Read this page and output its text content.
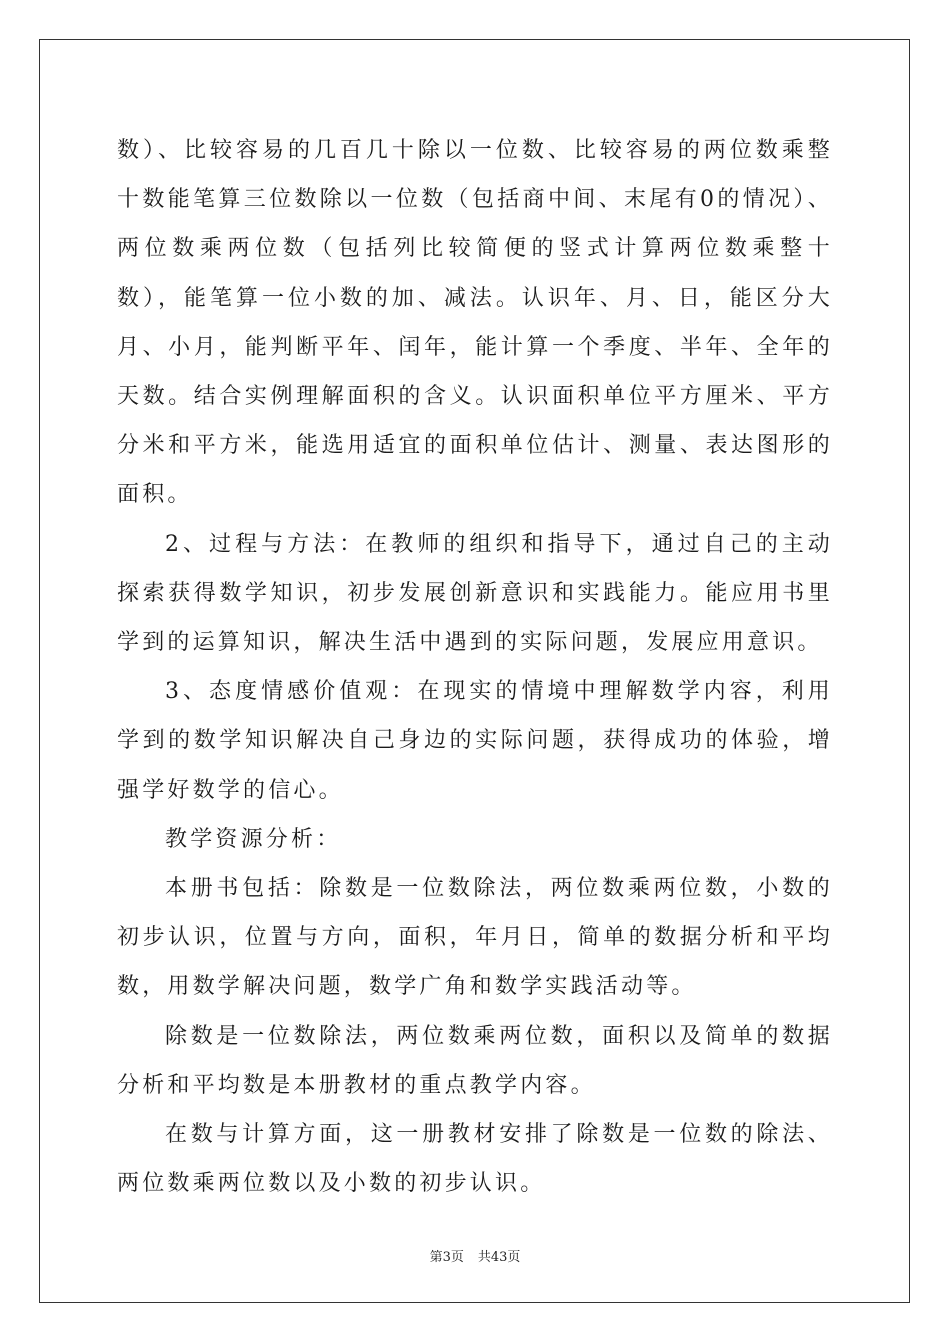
数）、比较容易的几百几十除以一位数、比较容易的两位数乘整十数能笔算三位数除以一位数（包括商中间、末尾有0的情况）、两位数乘两位数（包括列比较简便的竖式计算两位数乘整十数），能笔算一位小数的加、减法。认识年、月、日，能区分大月、小月，能判断平年、闰年，能计算一个季度、半年、全年的天数。结合实例理解面积的含义。认识面积单位平方厘米、平方分米和平方米，能选用适宜的面积单位估计、测量、表达图形的面积。

2、过程与方法：在教师的组织和指导下，通过自己的主动探索获得数学知识，初步发展创新意识和实践能力。能应用书里学到的运算知识，解决生活中遇到的实际问题，发展应用意识。

3、态度情感价值观：在现实的情境中理解数学内容，利用学到的数学知识解决自己身边的实际问题，获得成功的体验，增强学好数学的信心。

教学资源分析：

本册书包括：除数是一位数除法，两位数乘两位数，小数的初步认识，位置与方向，面积，年月日，简单的数据分析和平均数，用数学解决问题，数学广角和数学实践活动等。

除数是一位数除法，两位数乘两位数，面积以及简单的数据分析和平均数是本册教材的重点教学内容。

在数与计算方面，这一册教材安排了除数是一位数的除法、两位数乘两位数以及小数的初步认识。

第3页 共43页
